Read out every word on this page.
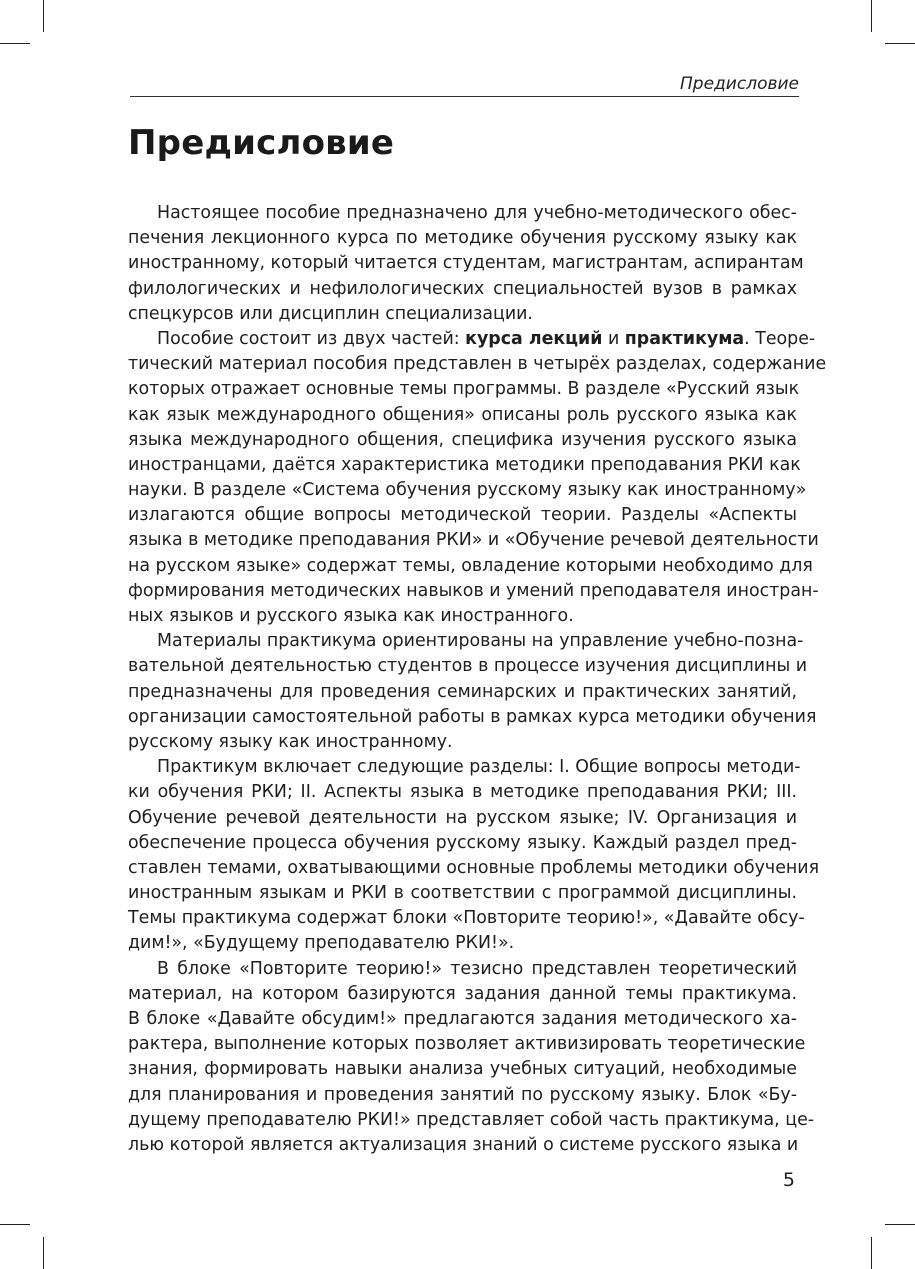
Предисловие
Предисловие
Настоящее пособие предназначено для учебно-методического обес-
печения лекционного курса по методике обучения русскому языку как
иностранному, который читается студентам, магистрантам, аспирантам
филологических и нефилологических специальностей вузов в рамках
спецкурсов или дисциплин специализации.
Пособие состоит из двух частей: курса лекций и практикума. Теоре-
тический материал пособия представлен в четырёх разделах, содержание
которых отражает основные темы программы. В разделе «Русский язык
как язык международного общения» описаны роль русского языка как
языка международного общения, специфика изучения русского языка
иностранцами, даётся характеристика методики преподавания РКИ как
науки. В разделе «Система обучения русскому языку как иностранному»
излагаются общие вопросы методической теории. Разделы «Аспекты
языка в методике преподавания РКИ» и «Обучение речевой деятельности
на русском языке» содержат темы, овладение которыми необходимо для
формирования методических навыков и умений преподавателя иностран-
ных языков и русского языка как иностранного.
Материалы практикума ориентированы на управление учебно-позна-
вательной деятельностью студентов в процессе изучения дисциплины и
предназначены для проведения семинарских и практических занятий,
организации самостоятельной работы в рамках курса методики обучения
русскому языку как иностранному.
Практикум включает следующие разделы: I. Общие вопросы методи-
ки обучения РКИ; II. Аспекты языка в методике преподавания РКИ; III.
Обучение речевой деятельности на русском языке; IV. Организация и
обеспечение процесса обучения русскому языку. Каждый раздел пред-
ставлен темами, охватывающими основные проблемы методики обучения
иностранным языкам и РКИ в соответствии с программой дисциплины.
Темы практикума содержат блоки «Повторите теорию!», «Давайте обсу-
дим!», «Будущему преподавателю РКИ!».
В блоке «Повторите теорию!» тезисно представлен теоретический
материал, на котором базируются задания данной темы практикума.
В блоке «Давайте обсудим!» предлагаются задания методического ха-
рактера, выполнение которых позволяет активизировать теоретические
знания, формировать навыки анализа учебных ситуаций, необходимые
для планирования и проведения занятий по русскому языку. Блок «Бу-
дущему преподавателю РКИ!» представляет собой часть практикума, це-
лью которой является актуализация знаний о системе русского языка и
5
